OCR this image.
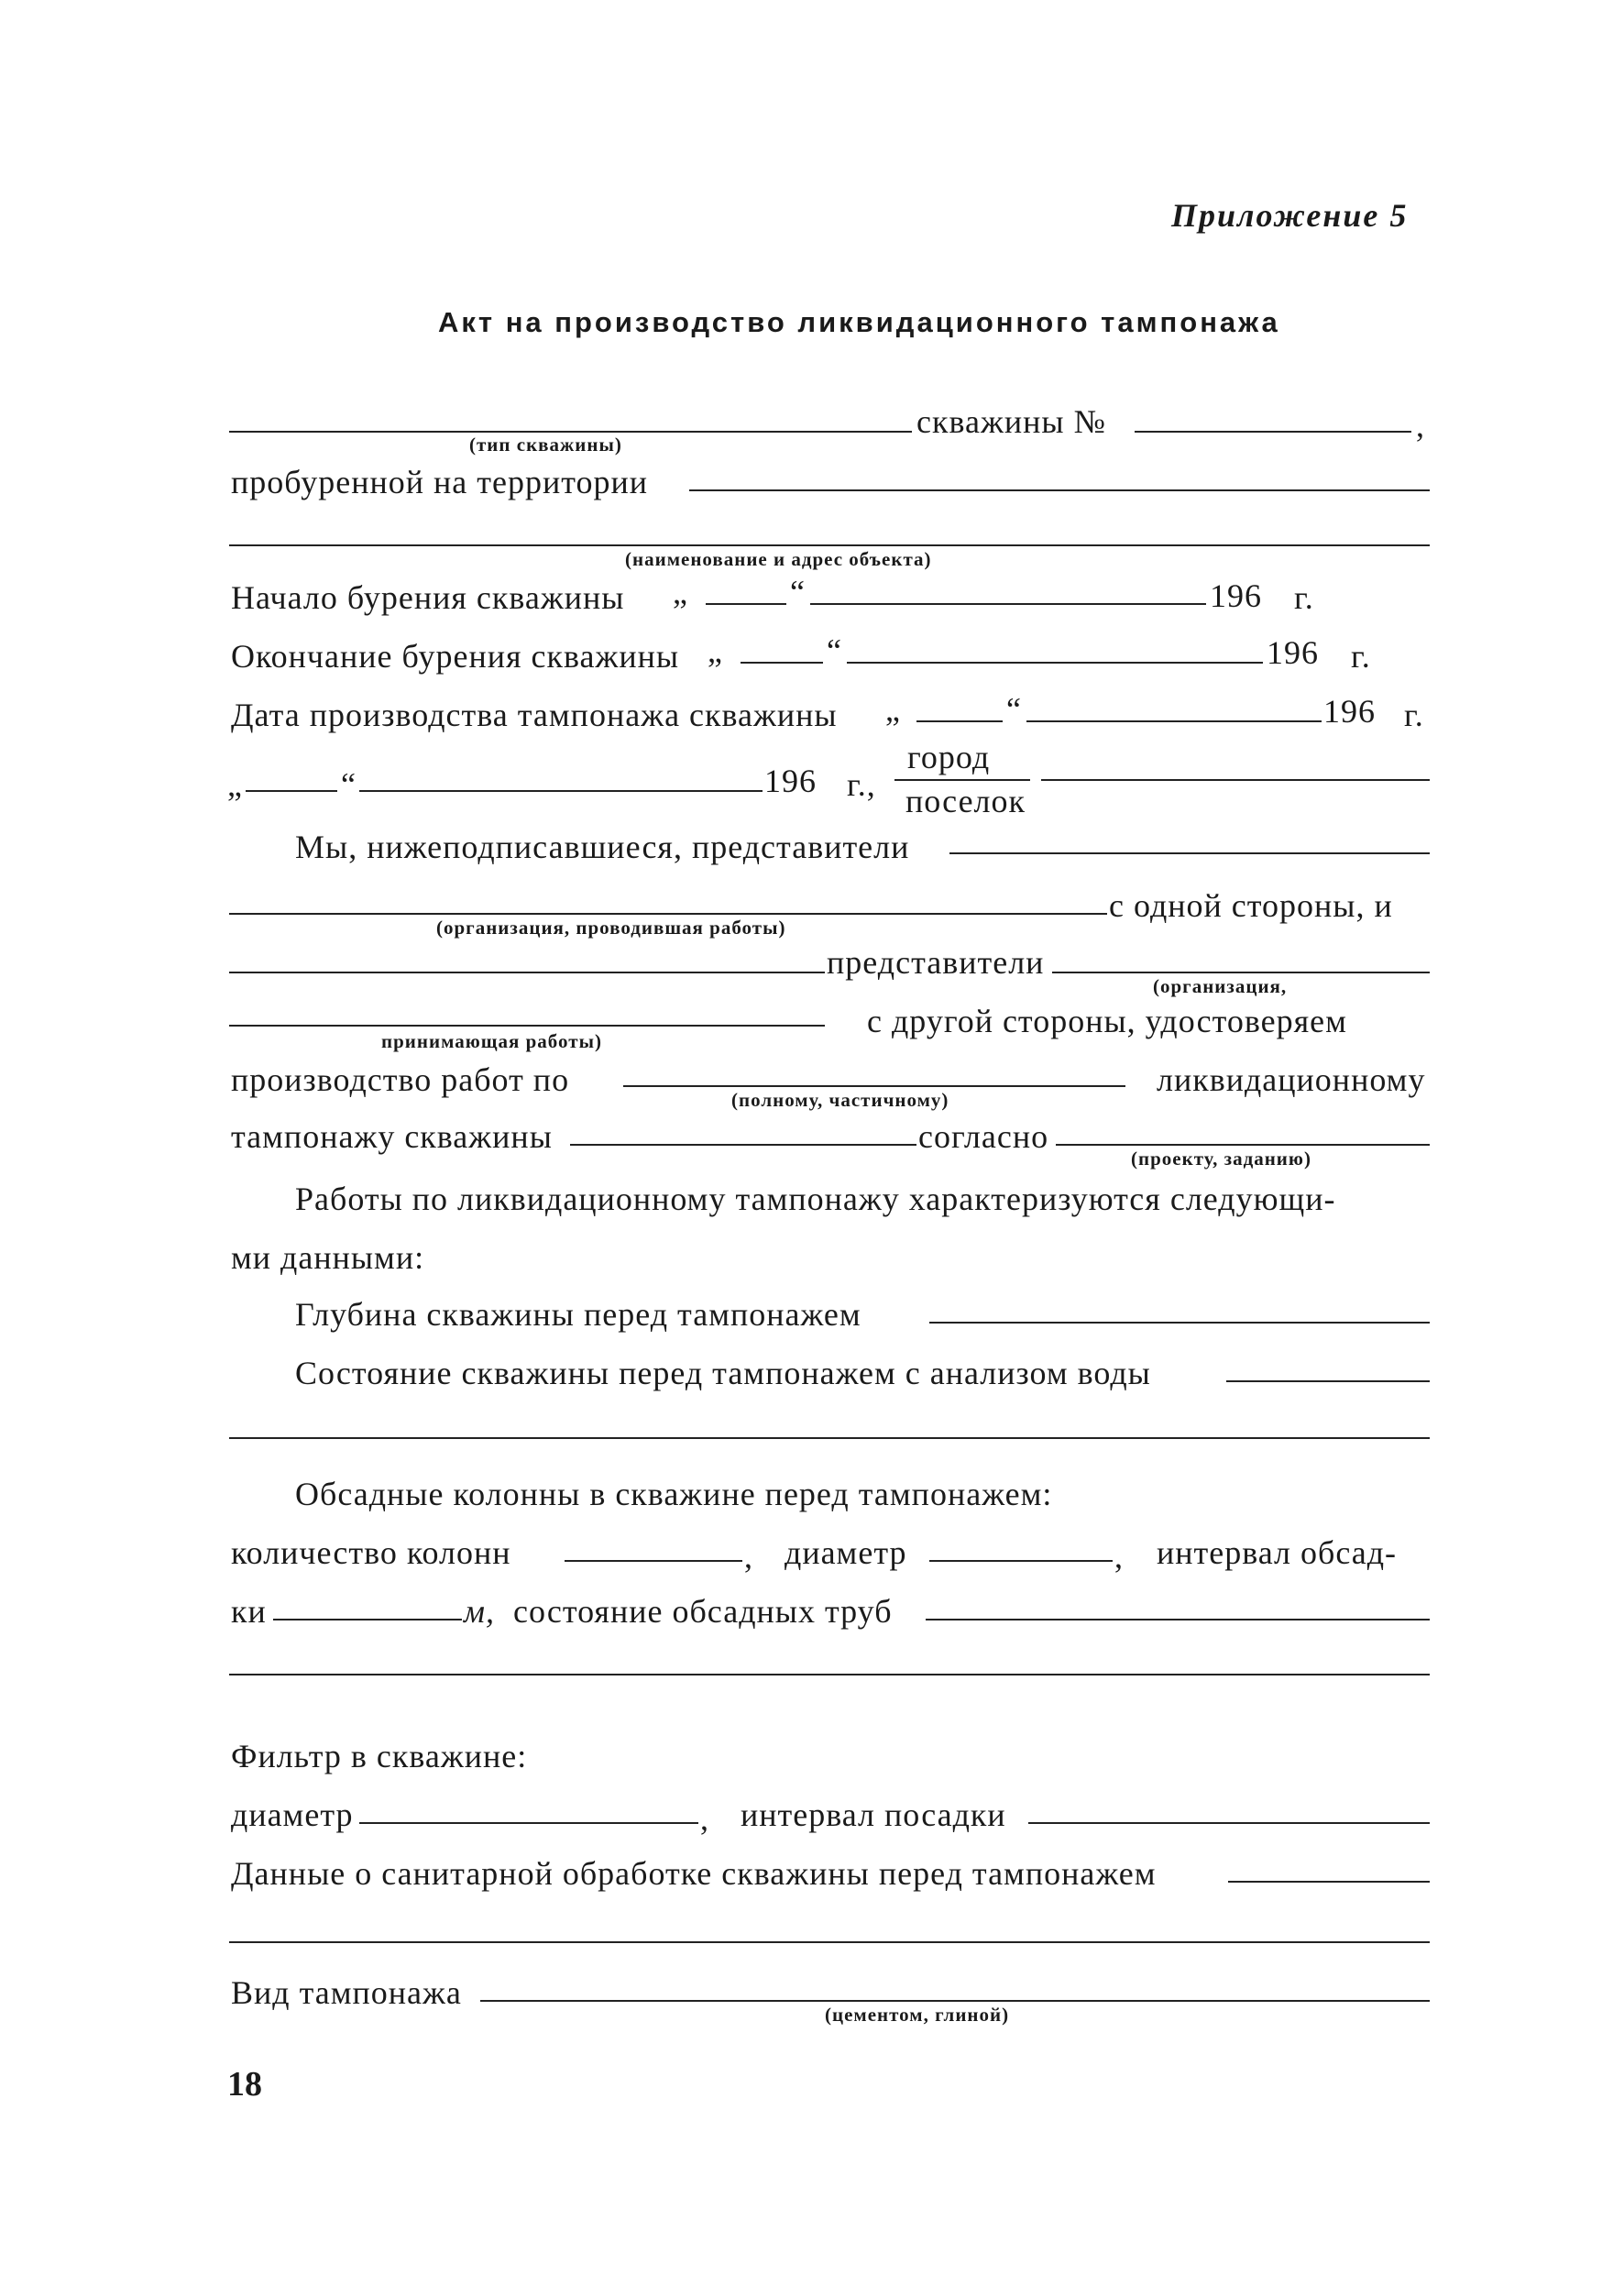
Приложение 5
Акт на производство ликвидационного тампонажа
скважины №	,
(тип скважины)
пробуренной на территории
(наименование и адрес объекта)
Начало бурения скважины „	“	196 г.
Окончание бурения скважины „	“	196 г.
Дата производства тампонажа скважины „	“	196 г.
„	“	196 г.,
город
поселок
Мы, нижеподписавшиеся, представители
с одной стороны, и
(организация, проводившая работы)
представители
(организация,
с другой стороны, удостоверяем
принимающая работы)
производство работ по	ликвидационному
(полному, частичному)
тампонажу скважины	согласно
(проекту, заданию)
Работы по ликвидационному тампонажу характеризуются следующи-
ми данными:
Глубина скважины перед тампонажем
Состояние скважины перед тампонажем с анализом воды
Обсадные колонны в скважине перед тампонажем:
количество колонн	, диаметр	, интервал обсад-
ки	м, состояние обсадных труб
Фильтр в скважине:
диаметр	, интервал посадки
Данные о санитарной обработке скважины перед тампонажем
Вид тампонажа
(цементом, глиной)
18
